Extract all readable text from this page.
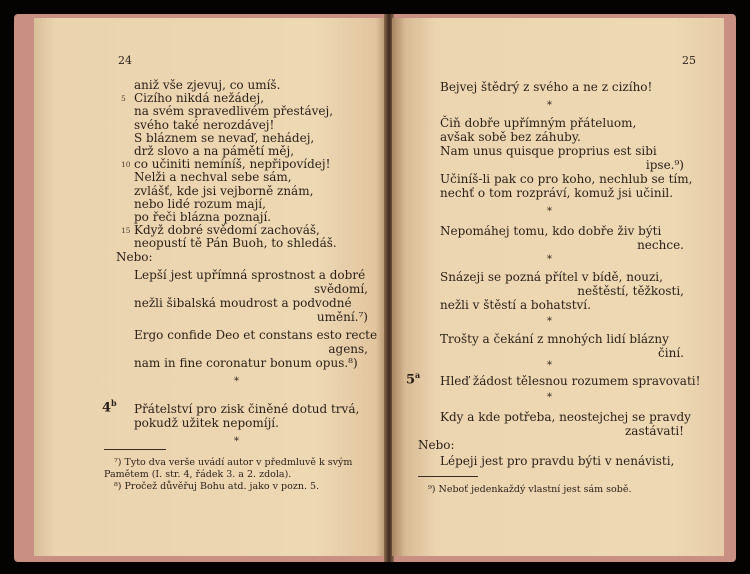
24
aniž vše zjevuj, co umíš.
5 Cizího nikdá nežádej,
na svém spravedlivém přestávej,
svého také nerozdávej!
S bláznem se nevaď, nehádej,
drž slovo a na pámětí měj,
10 co učiniti nemíníš, nepřipovídej!
Nelži a nechval sebe sám,
zvlášť, kde jsi vejborně znám,
nebo lidé rozum mají,
po řeči blázna poznají.
15 Když dobré svědomí zachováš,
neopustí tě Pán Buoh, to shledáš.
Nebo:
Lepší jest upřímná sprostnost a dobré
svědomí,
nežli šibalská moudrost a podvodné
umění.⁷)
Ergo confide Deo et constans esto recte
agens,
nam in fine coronatur bonum opus.⁸)
*
4$^b$ Přátelství pro zisk činěné dotud trvá,
pokudž užitek nepomíjí.
*
⁷) Tyto dva verše uvádí autor v předmluvě k svým
Pamětem (I. str. 4, řádek 3. a 2. zdola).
⁸) Pročež důvěřuj Bohu atd. jako v pozn. 5.
25
Bejvej štědrý z svého a ne z cizího!
*
Čiň dobře upřímným přáteluom,
avšak sobě bez záhuby.
Nam unus quisque proprius est sibi
ipse.⁹)
Učiníš-li pak co pro koho, nechlub se tím,
nechť o tom rozpráví, komuž jsi učinil.
*
Nepomáhej tomu, kdo dobře živ býti
nechce.
*
Snázeji se pozná přítel v bídě, nouzi,
neštěstí, těžkosti,
nežli v štěstí a bohatství.
*
Trošty a čekání z mnohých lidí blázny
činí.
*
5$^a$ Hleď žádost tělesnou rozumem spravovati!
*
Kdy a kde potřeba, neostejchej se pravdy
zastávati!
Nebo:
Lépeji jest pro pravdu býti v nenávisti,
⁹) Neboť jedenkaždý vlastní jest sám sobě.
